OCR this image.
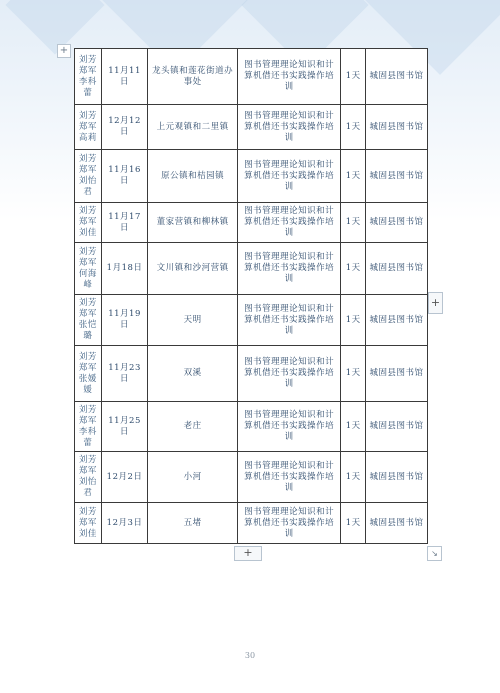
+
刘芳郑军李科蕾	11月11日	龙头镇和莲花街道办事处	图书管理理论知识和计算机借还书实践操作培训	1天	城固县图书馆
刘芳郑军高莉	12月12日	上元观镇和二里镇	图书管理理论知识和计算机借还书实践操作培训	1天	城固县图书馆
刘芳郑军刘怡君	11月16日	原公镇和桔园镇	图书管理理论知识和计算机借还书实践操作培训	1天	城固县图书馆
刘芳郑军刘佳	11月17日	董家营镇和柳林镇	图书管理理论知识和计算机借还书实践操作培训	1天	城固县图书馆
刘芳郑军何海峰	1月18日	文川镇和沙河营镇	图书管理理论知识和计算机借还书实践操作培训	1天	城固县图书馆
刘芳郑军张恺璐	11月19日	天明	图书管理理论知识和计算机借还书实践操作培训	1天	城固县图书馆
刘芳郑军张媛媛	11月23日	双溪	图书管理理论知识和计算机借还书实践操作培训	1天	城固县图书馆
刘芳郑军李科蕾	11月25日	老庄	图书管理理论知识和计算机借还书实践操作培训	1天	城固县图书馆
刘芳郑军刘怡君	12月2日	小河	图书管理理论知识和计算机借还书实践操作培训	1天	城固县图书馆
刘芳郑军刘佳	12月3日	五堵	图书管理理论知识和计算机借还书实践操作培训	1天	城固县图书馆
+
+	↘
30
